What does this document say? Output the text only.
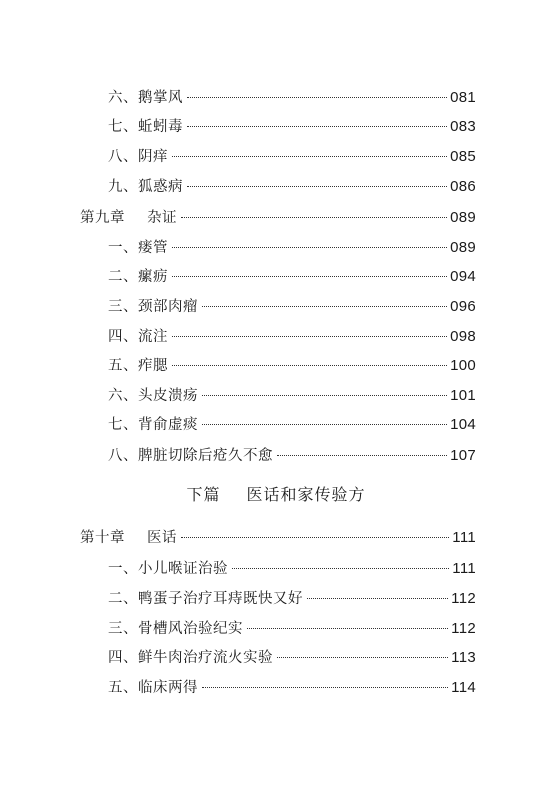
六、鹅掌风	081
七、蚯蚓毒	083
八、阴痒	085
九、狐惑病	086
第九章 杂证	089
一、瘘管	089
二、瘰疬	094
三、颈部肉瘤	096
四、流注	098
五、痄腮	100
六、头皮溃疡	101
七、背俞虚痰	104
八、脾脏切除后疮久不愈	107
下篇 医话和家传验方
第十章 医话	111
一、小儿喉证治验	111
二、鸭蛋子治疗耳痔既快又好	112
三、骨槽风治验纪实	112
四、鲜牛肉治疗流火实验	113
五、临床两得	114
